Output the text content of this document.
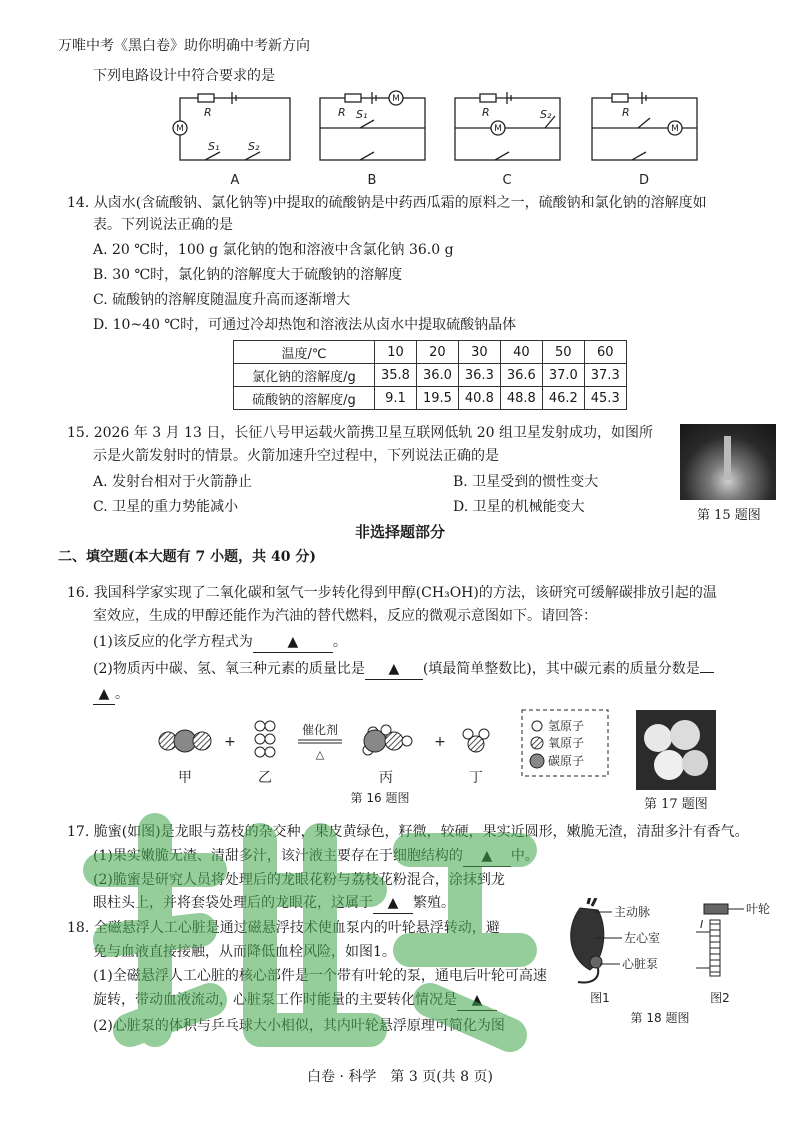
万唯中考《黑白卷》助你明确中考新方向
下列电路设计中符合要求的是
M
M
M	M
R	R	R	R
S₁	S₂
S₁	S₂
A	B	C	D
14. 从卤水(含硫酸钠、氯化钠等)中提取的硫酸钠是中药西瓜霜的原料之一，硫酸钠和氯化钠的溶解度如
表。下列说法正确的是
A. 20 ℃时，100 g 氯化钠的饱和溶液中含氯化钠 36.0 g
B. 30 ℃时，氯化钠的溶解度大于硫酸钠的溶解度
C. 硫酸钠的溶解度随温度升高而逐渐增大
D. 10~40 ℃时，可通过冷却热饱和溶液法从卤水中提取硫酸钠晶体
温度/℃	10	20	30	40	50	60
氯化钠的溶解度/g	35.8	36.0	36.3	36.6	37.0	37.3
硫酸钠的溶解度/g	9.1	19.5	40.8	48.8	46.2	45.3
15. 2026 年 3 月 13 日，长征八号甲运载火箭携卫星互联网低轨 20 组卫星发射成功，如图所
示是火箭发射时的情景。火箭加速升空过程中，下列说法正确的是
A. 发射台相对于火箭静止	B. 卫星受到的惯性变大
C. 卫星的重力势能减小	D. 卫星的机械能变大
第 15 题图
非选择题部分
二、填空题(本大题有 7 小题，共 40 分)
16. 我国科学家实现了二氧化碳和氢气一步转化得到甲醇(CH₃OH)的方法，该研究可缓解碳排放引起的温
室效应，生成的甲醇还能作为汽油的替代燃料，反应的微观示意图如下。请回答：
(1)该反应的化学方程式为 ▲ 。
(2)物质丙中碳、氢、氧三种元素的质量比是 ▲ (填最简单整数比)，其中碳元素的质量分数是
▲ 。
+	+
催化剂
△
甲	乙	丙	丁
氢原子
氧原子
碳原子
第 16 题图	第 17 题图
17. 脆蜜(如图)是龙眼与荔枝的杂交种，果皮黄绿色，籽微，较硬，果实近圆形，嫩脆无渣，清甜多汁有香气。
(1)果实嫩脆无渣、清甜多汁，该汁液主要存在于细胞结构的 ▲ 中。
(2)脆蜜是研究人员将处理后的龙眼花粉与荔枝花粉混合，涂抹到龙
眼柱头上，并将套袋处理后的龙眼花，这属于 ▲ 繁殖。
18. 全磁悬浮人工心脏是通过磁悬浮技术使血泵内的叶轮悬浮转动，避
免与血液直接接触，从而降低血栓风险，如图1。
(1)全磁悬浮人工心脏的核心部件是一个带有叶轮的泵，通电后叶轮可高速
旋转，带动血液流动，心脏泵工作时能量的主要转化情况是 ▲
(2)心脏泵的体积与乒乓球大小相似，其内叶轮悬浮原理可简化为图
主动脉
左心室
心脏泵
图1
叶轮
I
图2
第 18 题图
白卷 · 科学　第 3 页(共 8 页)
